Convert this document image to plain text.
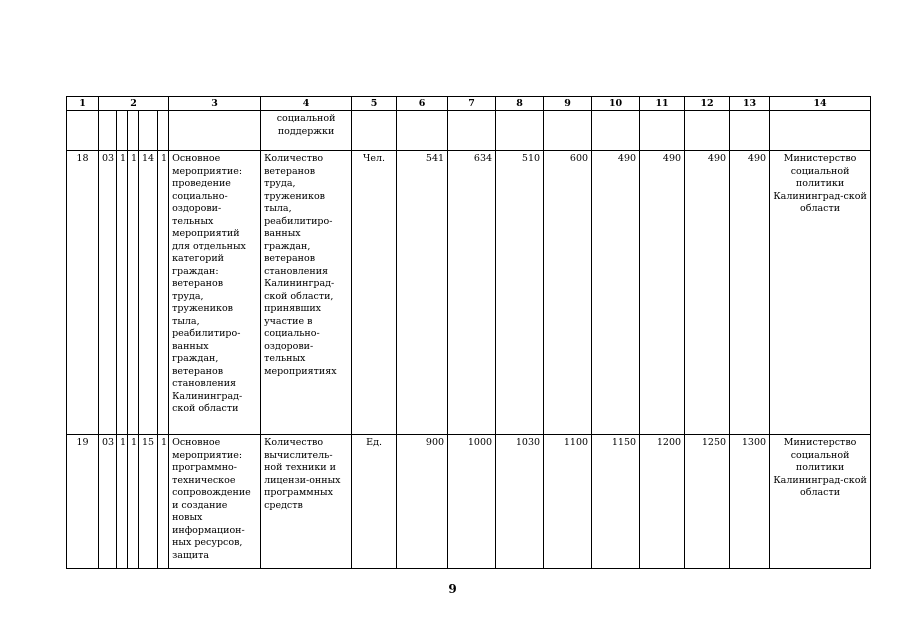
1	2					3	4	5	6	7	8	9	10	11	12	13	14
							социальной поддержки										
18	03	1	1	14	1	Основное мероприятие: проведение социально-оздорови-тельных мероприятий для отдельных категорий граждан: ветеранов труда, тружеников тыла, реабилитиро-ванных граждан, ветеранов становления Калининград-ской области	Количество ветеранов труда, тружеников тыла, реабилитиро-ванных граждан, ветеранов становления Калининград-ской области, принявших участие в социально-оздорови-тельных мероприятиях	Чел.	541	634	510	600	490	490	490	490	Министерство социальной политики Калининград-ской области
19	03	1	1	15	1	Основное мероприятие: программно-техническое сопровождение и создание новых информацион-ных ресурсов, защита	Количество вычислитель-ной техники и лицензи-онных программных средств	Ед.	900	1000	1030	1100	1150	1200	1250	1300	Министерство социальной политики Калининград-ской области
9
